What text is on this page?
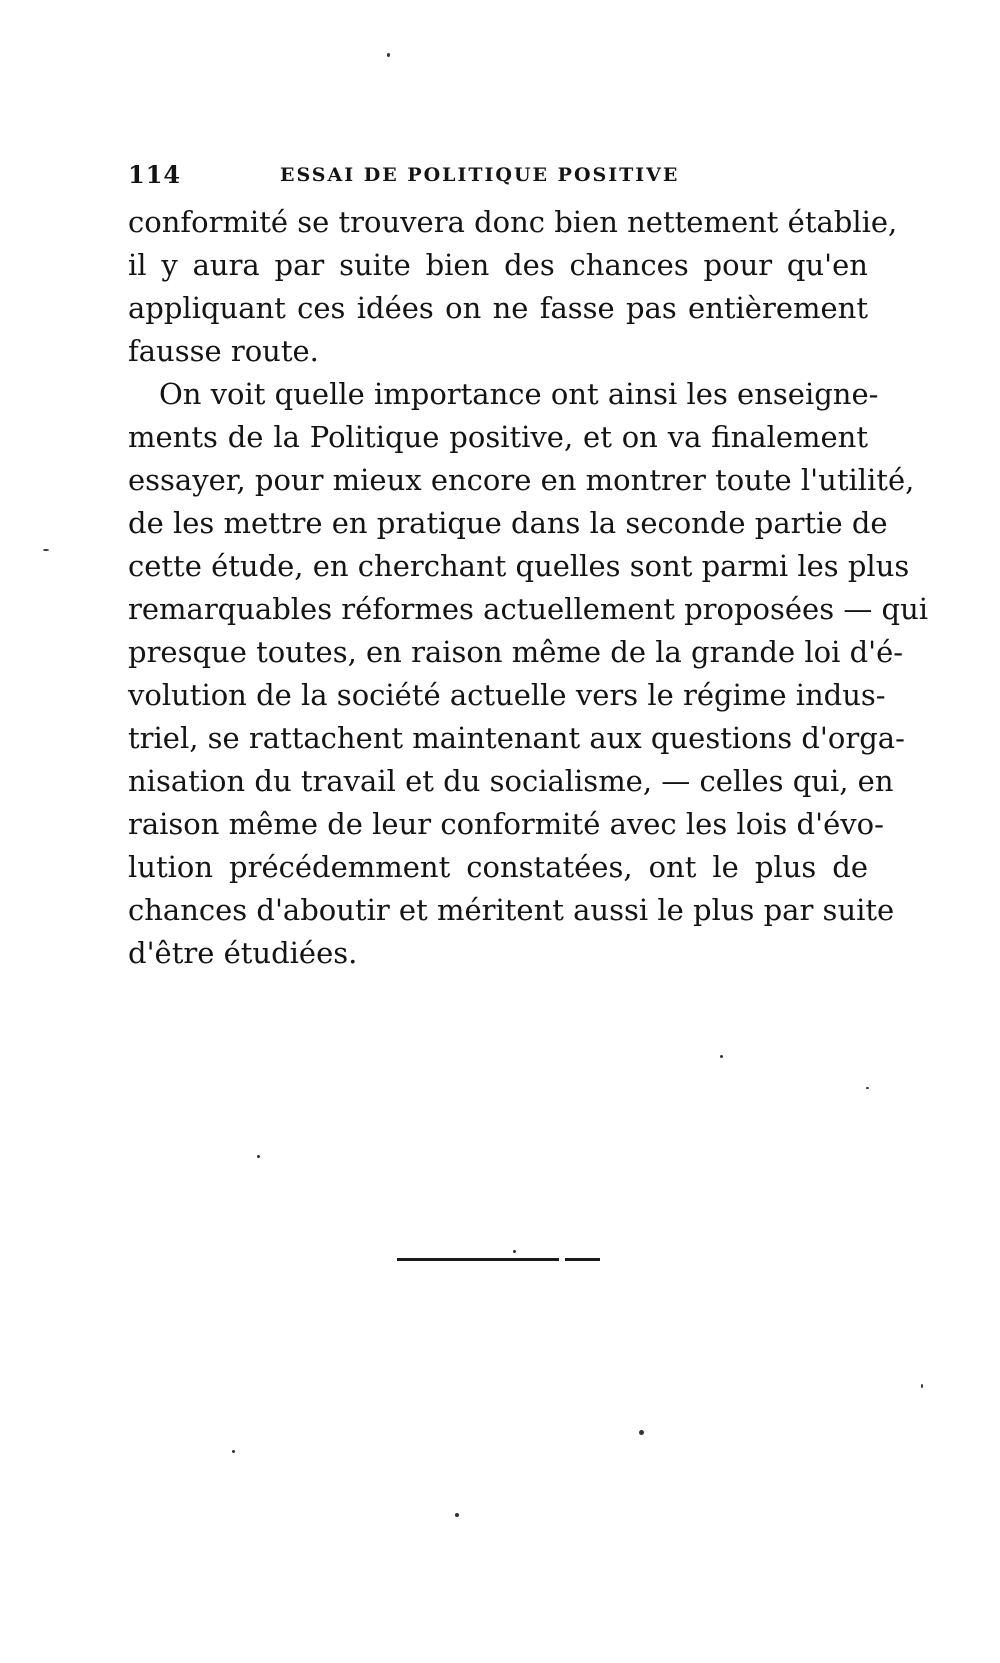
114	ESSAI DE POLITIQUE POSITIVE
conformité se trouvera donc bien nettement établie,
il y aura par suite bien des chances pour qu'en
appliquant ces idées on ne fasse pas entièrement
fausse route.
On voit quelle importance ont ainsi les enseigne-
ments de la Politique positive, et on va finalement
essayer, pour mieux encore en montrer toute l'utilité,
de les mettre en pratique dans la seconde partie de
cette étude, en cherchant quelles sont parmi les plus
remarquables réformes actuellement proposées — qui
presque toutes, en raison même de la grande loi d'é-
volution de la société actuelle vers le régime indus-
triel, se rattachent maintenant aux questions d'orga-
nisation du travail et du socialisme, — celles qui, en
raison même de leur conformité avec les lois d'évo-
lution précédemment constatées, ont le plus de
chances d'aboutir et méritent aussi le plus par suite
d'être étudiées.
